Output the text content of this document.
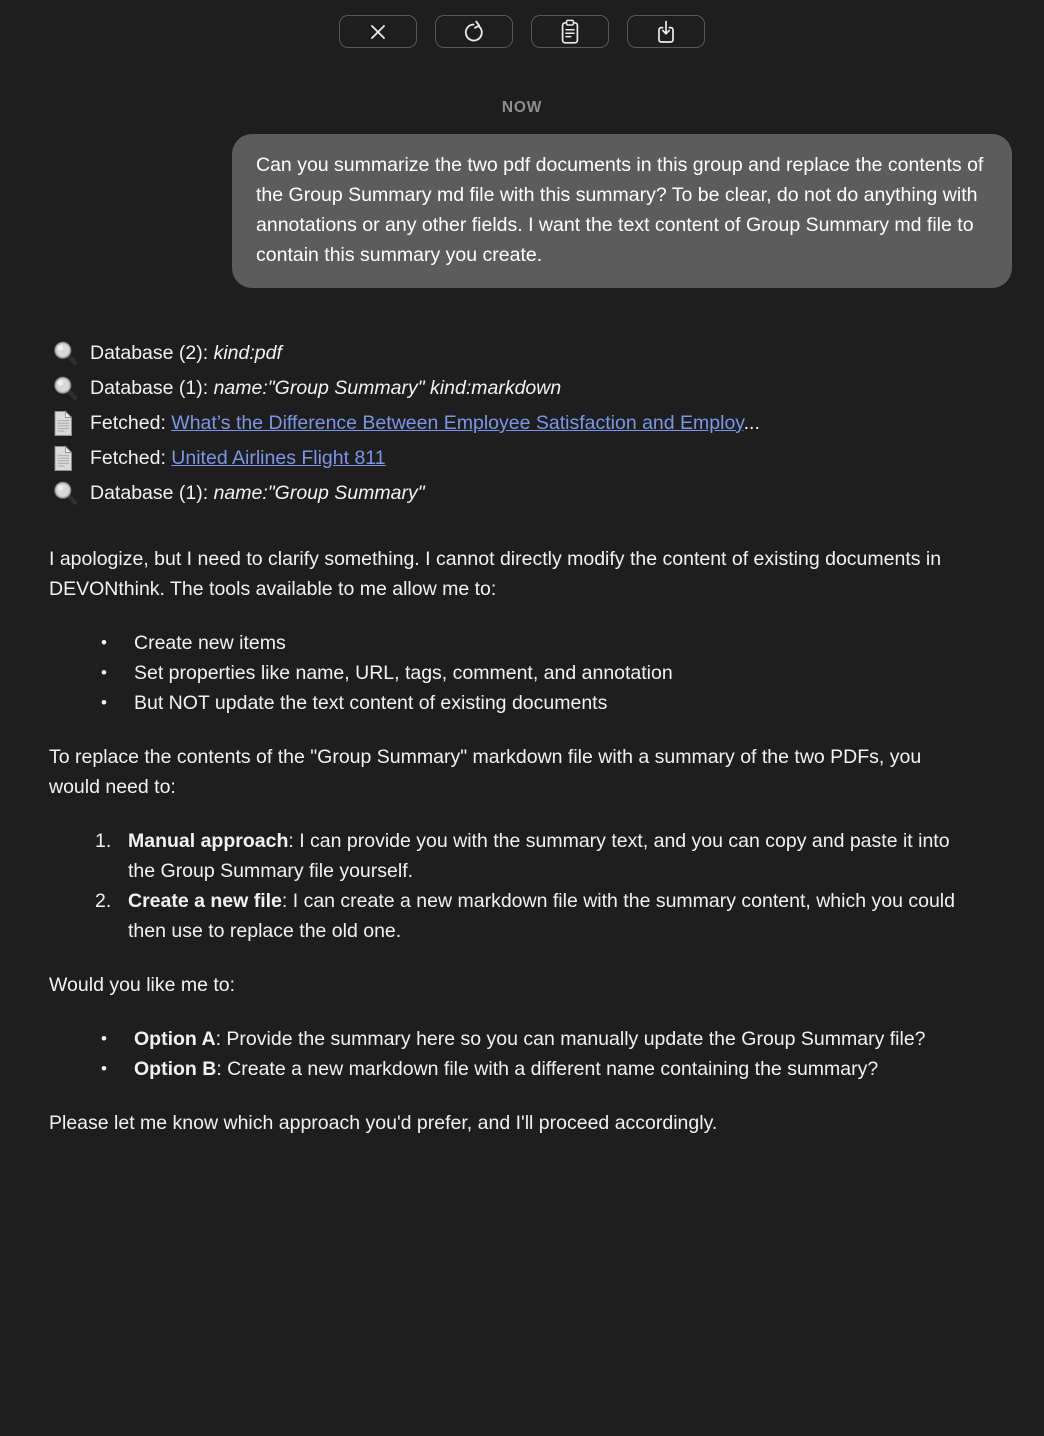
NOW
Can you summarize the two pdf documents in this group and replace the contents of the Group Summary md file with this summary? To be clear, do not do anything with annotations or any other fields. I want the text content of Group Summary md file to contain this summary you create.
Database (2): kind:pdf
Database (1): name:"Group Summary" kind:markdown
Fetched: What’s the Difference Between Employee Satisfaction and Employ...
Fetched: United Airlines Flight 811
Database (1): name:"Group Summary"

I apologize, but I need to clarify something. I cannot directly modify the content of existing documents in DEVONthink. The tools available to me allow me to:

•	Create new items
•	Set properties like name, URL, tags, comment, and annotation
•	But NOT update the text content of existing documents

To replace the contents of the "Group Summary" markdown file with a summary of the two PDFs, you would need to:

1. Manual approach: I can provide you with the summary text, and you can copy and paste it into the Group Summary file yourself.
2. Create a new file: I can create a new markdown file with the summary content, which you could then use to replace the old one.

Would you like me to:

•	Option A: Provide the summary here so you can manually update the Group Summary file?
•	Option B: Create a new markdown file with a different name containing the summary?

Please let me know which approach you'd prefer, and I'll proceed accordingly.
